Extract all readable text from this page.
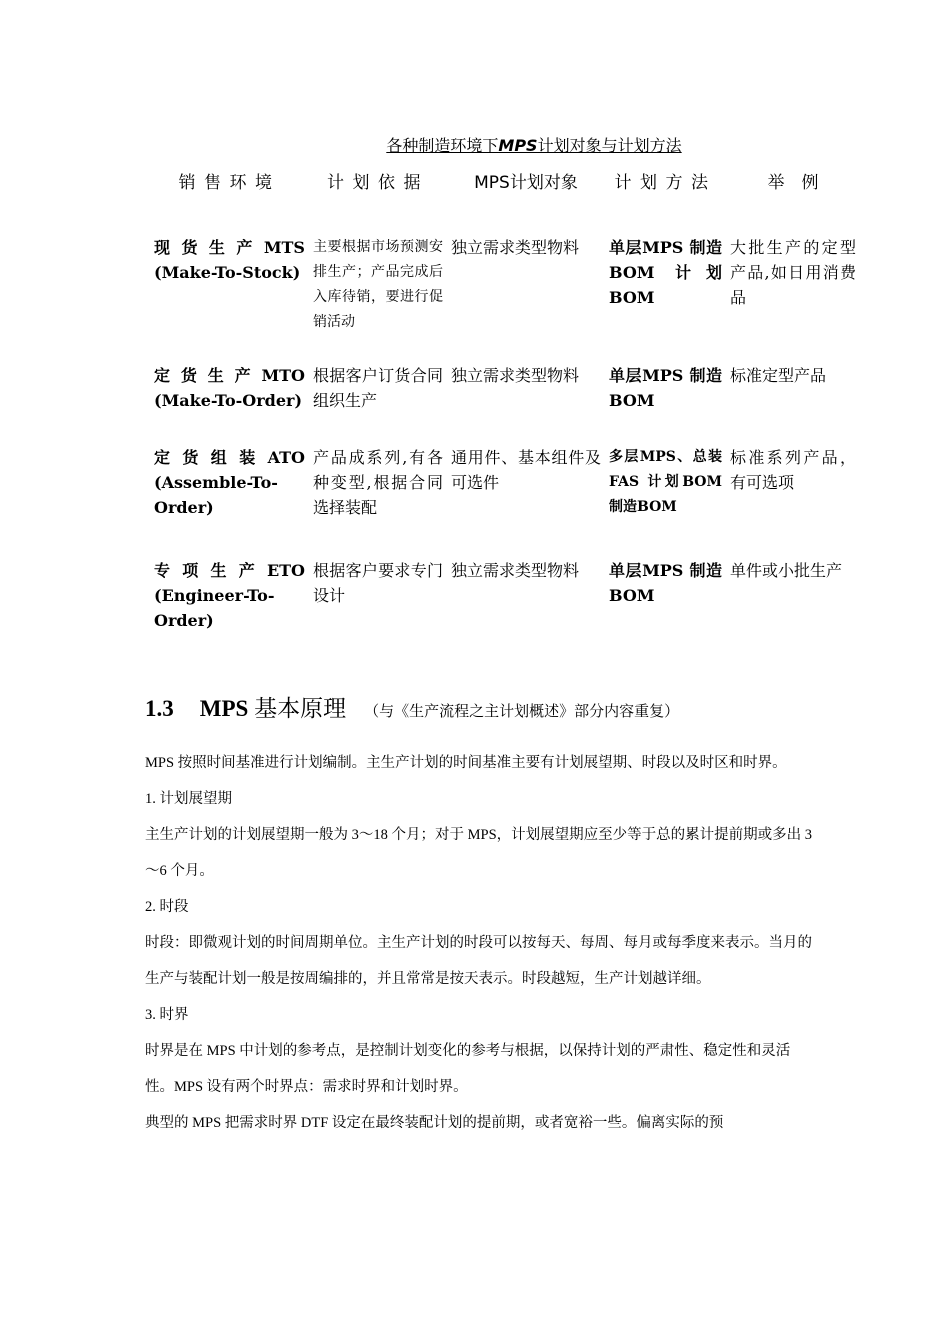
各种制造环境下MPS计划对象与计划方法
销售环境	计划依据	MPS计划对象	计划方法	举　例

现货生产MTS (Make-To-Stock)	主要根据市场预测安排生产；产品完成后入库待销，要进行促销活动	独立需求类型物料	单层MPS 制造BOM 计划BOM	大批生产的定型产品,如日用消费品
定货生产MTO (Make-To-Order)	根据客户订货合同组织生产	独立需求类型物料	单层MPS 制造BOM	标准定型产品
定货组装ATO (Assemble-To-Order)	产品成系列,有各种变型,根据合同选择装配	通用件、基本组件及可选件	多层MPS、总装FAS 计划BOM 制造BOM	标准系列产品，有可选项
专项生产ETO (Engineer-To-Order)	根据客户要求专门设计	独立需求类型物料	单层MPS 制造BOM	单件或小批生产
1.3 MPS 基本原理 （与《生产流程之主计划概述》部分内容重复）

MPS 按照时间基准进行计划编制。主生产计划的时间基准主要有计划展望期、时段以及时区和时界。

1. 计划展望期

主生产计划的计划展望期一般为 3～18 个月；对于 MPS，计划展望期应至少等于总的累计提前期或多出 3～6 个月。

2. 时段

时段：即微观计划的时间周期单位。主生产计划的时段可以按每天、每周、每月或每季度来表示。当月的生产与装配计划一般是按周编排的，并且常常是按天表示。时段越短，生产计划越详细。

3. 时界

时界是在 MPS 中计划的参考点，是控制计划变化的参考与根据，以保持计划的严肃性、稳定性和灵活性。MPS 设有两个时界点：需求时界和计划时界。

典型的 MPS 把需求时界 DTF 设定在最终装配计划的提前期，或者宽裕一些。偏离实际的预
